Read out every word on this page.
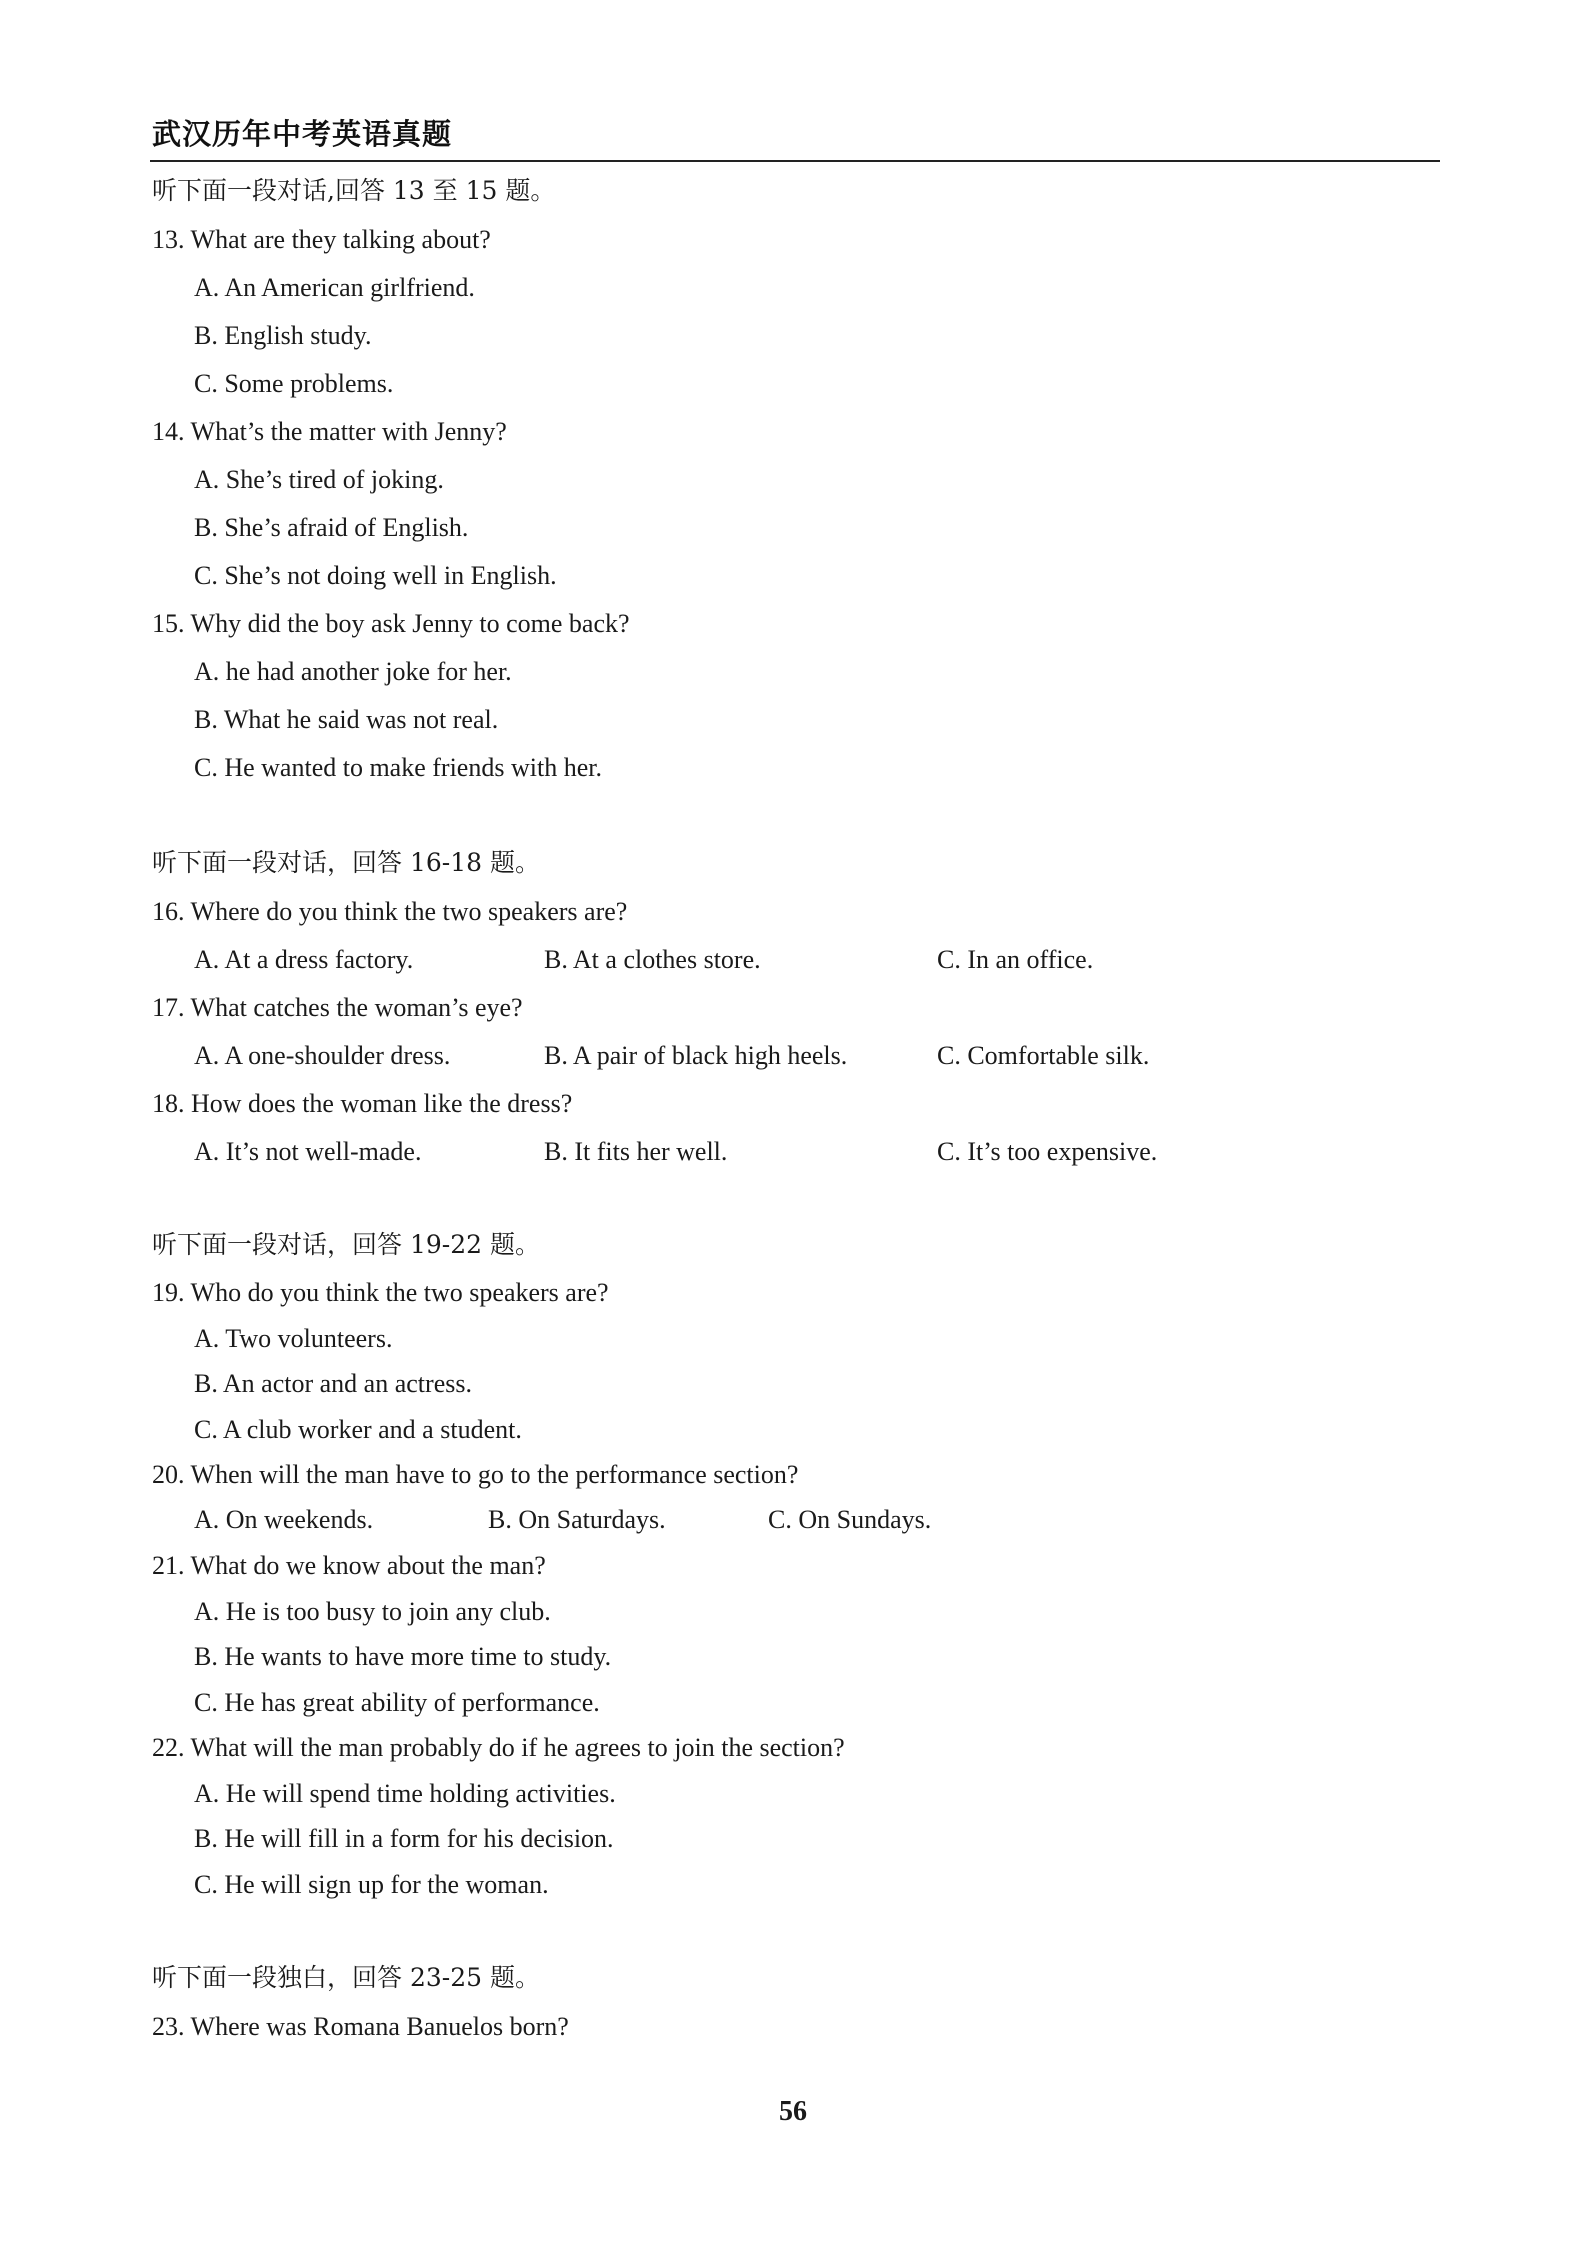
武汉历年中考英语真题
听下面一段对话,回答 13 至 15 题。
13. What are they talking about?
A. An American girlfriend.
B. English study.
C. Some problems.
14. What’s the matter with Jenny?
A. She’s tired of joking.
B. She’s afraid of English.
C. She’s not doing well in English.
15. Why did the boy ask Jenny to come back?
A. he had another joke for her.
B. What he said was not real.
C. He wanted to make friends with her.
听下面一段对话，回答 16-18 题。
16. Where do you think the two speakers are?
A. At a dress factory.	B. At a clothes store.	C. In an office.
17. What catches the woman’s eye?
A. A one-shoulder dress.	B. A pair of black high heels.	C. Comfortable silk.
18. How does the woman like the dress?
A. It’s not well-made.	B. It fits her well.	C. It’s too expensive.
听下面一段对话，回答 19-22 题。
19. Who do you think the two speakers are?
A. Two volunteers.
B. An actor and an actress.
C. A club worker and a student.
20. When will the man have to go to the performance section?
A. On weekends.	B. On Saturdays.	C. On Sundays.
21. What do we know about the man?
A. He is too busy to join any club.
B. He wants to have more time to study.
C. He has great ability of performance.
22. What will the man probably do if he agrees to join the section?
A. He will spend time holding activities.
B. He will fill in a form for his decision.
C. He will sign up for the woman.
听下面一段独白，回答 23-25 题。
23. Where was Romana Banuelos born?
56
